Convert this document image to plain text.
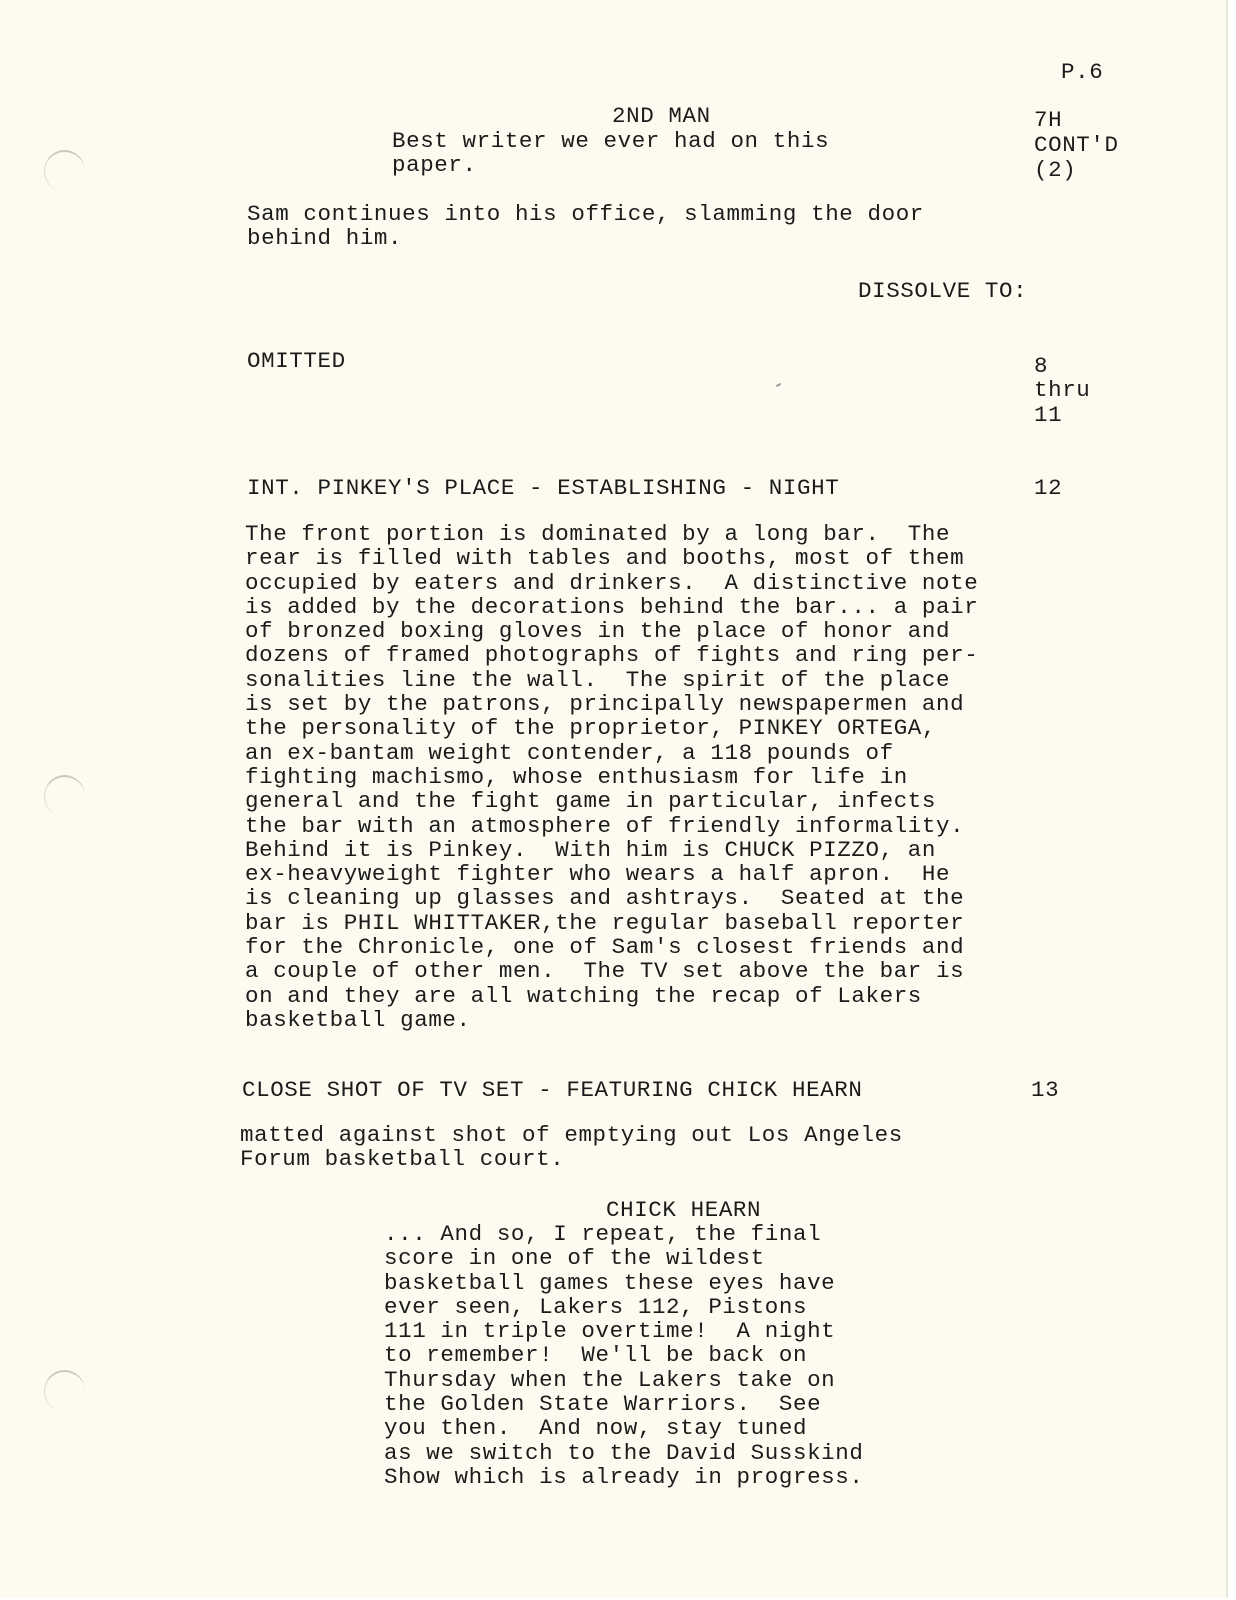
P.6

2ND MAN	7H

CONT'D

(2)

Best writer we ever had on this
paper.

Sam continues into his office, slamming the door
behind him.

DISSOLVE TO:

OMITTED	8
thru
11

INT. PINKEY'S PLACE - ESTABLISHING - NIGHT	12

The front portion is dominated by a long bar.  The
rear is filled with tables and booths, most of them
occupied by eaters and drinkers.  A distinctive note
is added by the decorations behind the bar... a pair
of bronzed boxing gloves in the place of honor and
dozens of framed photographs of fights and ring per-
sonalities line the wall.  The spirit of the place
is set by the patrons, principally newspapermen and
the personality of the proprietor, PINKEY ORTEGA,
an ex-bantam weight contender, a 118 pounds of
fighting machismo, whose enthusiasm for life in
general and the fight game in particular, infects
the bar with an atmosphere of friendly informality.
Behind it is Pinkey.  With him is CHUCK PIZZO, an
ex-heavyweight fighter who wears a half apron.  He
is cleaning up glasses and ashtrays.  Seated at the
bar is PHIL WHITTAKER,the regular baseball reporter
for the Chronicle, one of Sam's closest friends and
a couple of other men.  The TV set above the bar is
on and they are all watching the recap of Lakers
basketball game.

CLOSE SHOT OF TV SET - FEATURING CHICK HEARN	13

matted against shot of emptying out Los Angeles
Forum basketball court.

CHICK HEARN

... And so, I repeat, the final
score in one of the wildest
basketball games these eyes have
ever seen, Lakers 112, Pistons
111 in triple overtime!  A night
to remember!  We'll be back on
Thursday when the Lakers take on
the Golden State Warriors.  See
you then.  And now, stay tuned
as we switch to the David Susskind
Show which is already in progress.
